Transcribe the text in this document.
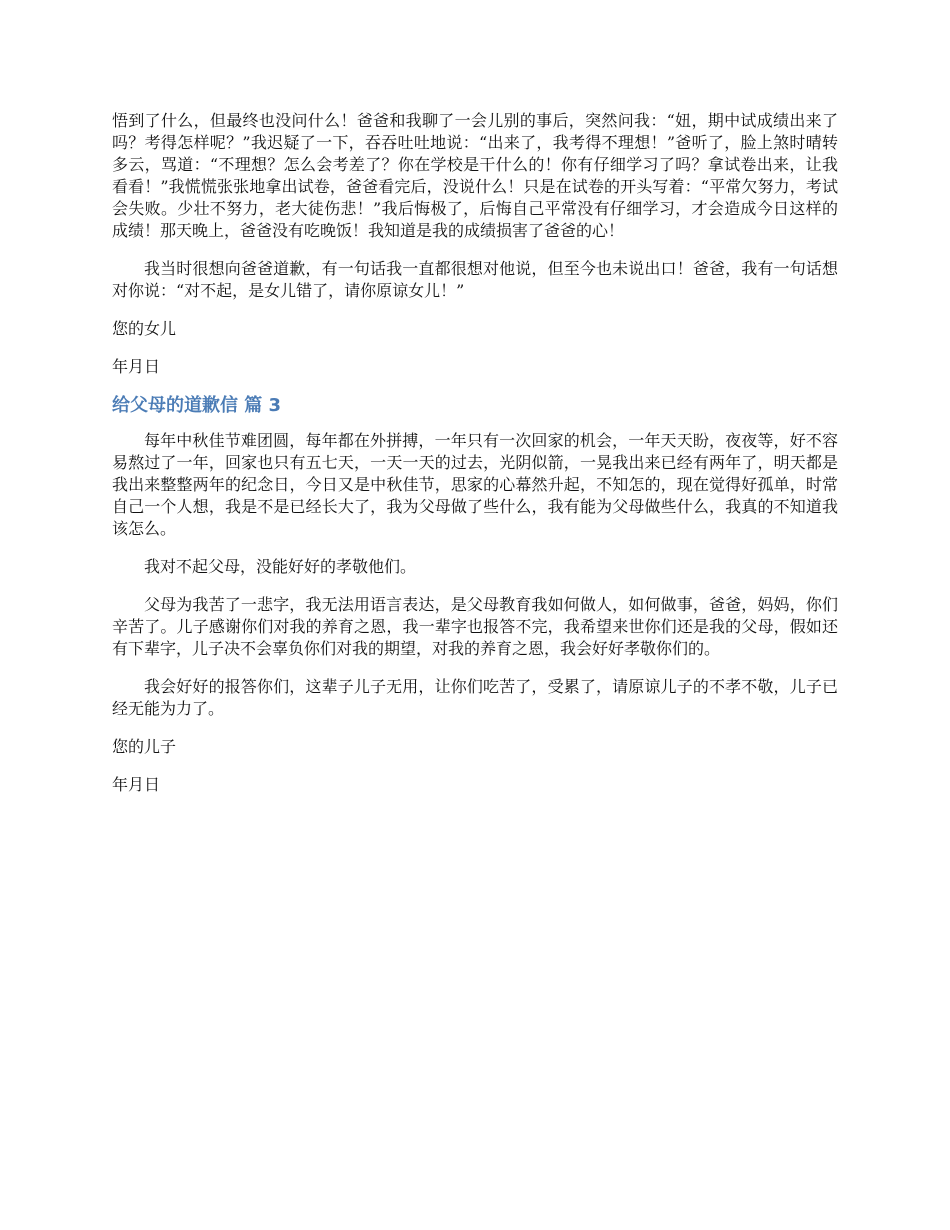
悟到了什么，但最终也没问什么！爸爸和我聊了一会儿别的事后，突然问我：“妞，期中试成绩出来了吗？考得怎样呢？”我迟疑了一下，吞吞吐吐地说：“出来了，我考得不理想！”爸听了，脸上煞时晴转多云，骂道：“不理想？怎么会考差了？你在学校是干什么的！你有仔细学习了吗？拿试卷出来，让我看看！”我慌慌张张地拿出试卷，爸爸看完后，没说什么！只是在试卷的开头写着：“平常欠努力，考试会失败。少壮不努力，老大徒伤悲！”我后悔极了，后悔自己平常没有仔细学习，才会造成今日这样的成绩！那天晚上，爸爸没有吃晚饭！我知道是我的成绩损害了爸爸的心！

我当时很想向爸爸道歉，有一句话我一直都很想对他说，但至今也未说出口！爸爸，我有一句话想对你说：“对不起，是女儿错了，请你原谅女儿！”

您的女儿

年月日

给父母的道歉信 篇 3

每年中秋佳节难团圆，每年都在外拼搏，一年只有一次回家的机会，一年天天盼，夜夜等，好不容易熬过了一年，回家也只有五七天，一天一天的过去，光阴似箭，一晃我出来已经有两年了，明天都是我出来整整两年的纪念日，今日又是中秋佳节，思家的心幕然升起，不知怎的，现在觉得好孤单，时常自己一个人想，我是不是已经长大了，我为父母做了些什么，我有能为父母做些什么，我真的不知道我该怎么。

我对不起父母，没能好好的孝敬他们。

父母为我苦了一悲字，我无法用语言表达，是父母教育我如何做人，如何做事，爸爸，妈妈，你们辛苦了。儿子感谢你们对我的养育之恩，我一辈字也报答不完，我希望来世你们还是我的父母，假如还有下辈字，儿子决不会辜负你们对我的期望，对我的养育之恩，我会好好孝敬你们的。

我会好好的报答你们，这辈子儿子无用，让你们吃苦了，受累了，请原谅儿子的不孝不敬，儿子已经无能为力了。

您的儿子

年月日
